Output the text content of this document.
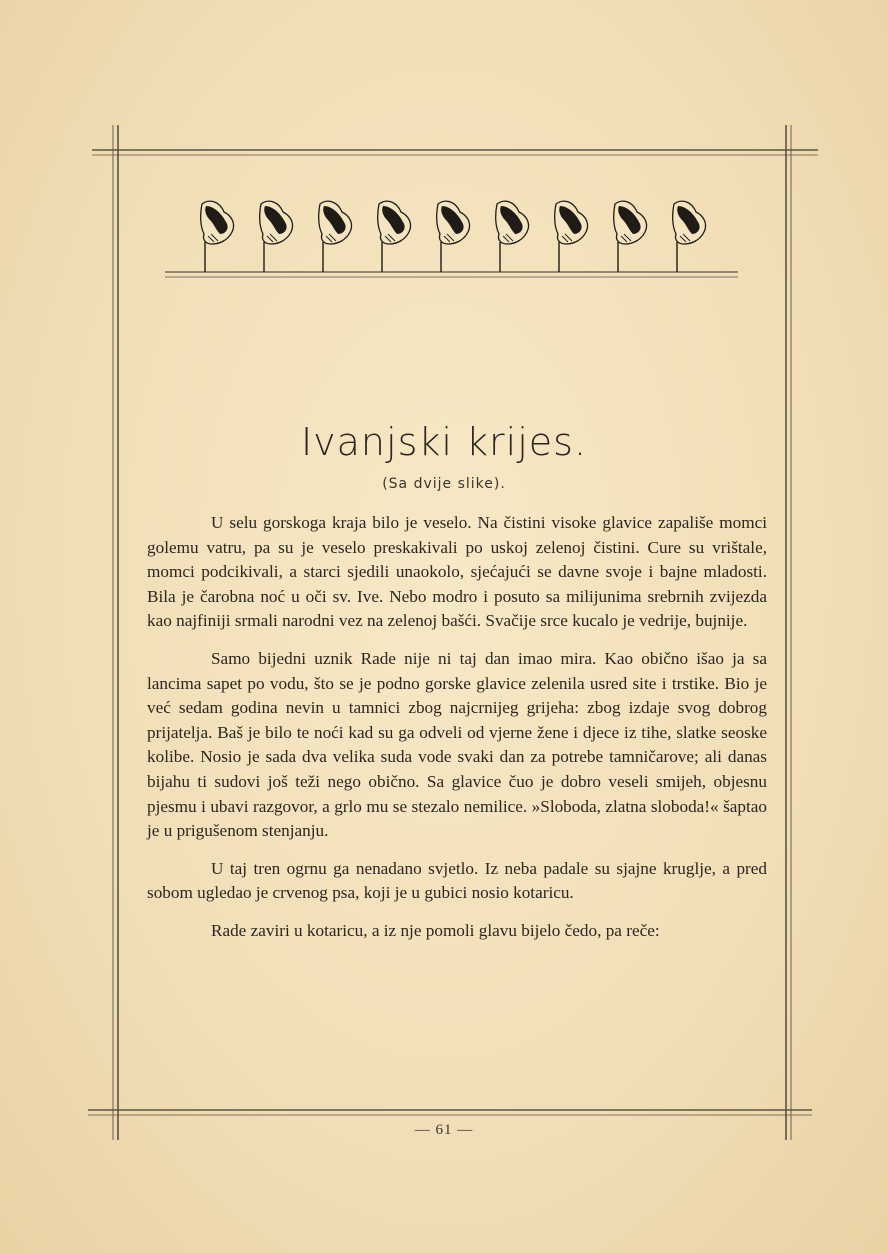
Ivanjski krijes.
(Sa dvije slike).

U selu gorskoga kraja bilo je veselo. Na čistini visoke glavice zapališe momci golemu vatru, pa su je veselo preskakivali po uskoj zelenoj čistini. Cure su vrištale, momci podcikivali, a starci sjedili unaokolo, sjećajući se davne svoje i bajne mladosti. Bila je čarobna noć u oči sv. Ive. Nebo modro i posuto sa milijunima srebrnih zvijezda kao najfiniji srmali narodni vez na zelenoj bašći. Svačije srce kucalo je vedrije, bujnije.

Samo bijedni uznik Rade nije ni taj dan imao mira. Kao obično išao ja sa lancima sapet po vodu, što se je podno gorske glavice zelenila usred site i trstike. Bio je već sedam godina nevin u tamnici zbog najcrnijeg grijeha: zbog izdaje svog dobrog prijatelja. Baš je bilo te noći kad su ga odveli od vjerne žene i djece iz tihe, slatke seoske kolibe. Nosio je sada dva velika suda vode svaki dan za potrebe tamničarove; ali danas bijahu ti sudovi još teži nego obično. Sa glavice čuo je dobro veseli smijeh, objesnu pjesmu i ubavi razgovor, a grlo mu se stezalo nemilice. »Sloboda, zlatna sloboda!« šaptao je u prigušenom stenjanju.

U taj tren ogrnu ga nenadano svjetlo. Iz neba padale su sjajne kruglje, a pred sobom ugledao je crvenog psa, koji je u gubici nosio kotaricu.

Rade zaviri u kotaricu, a iz nje pomoli glavu bijelo čedo, pa reče:

— 61 —
